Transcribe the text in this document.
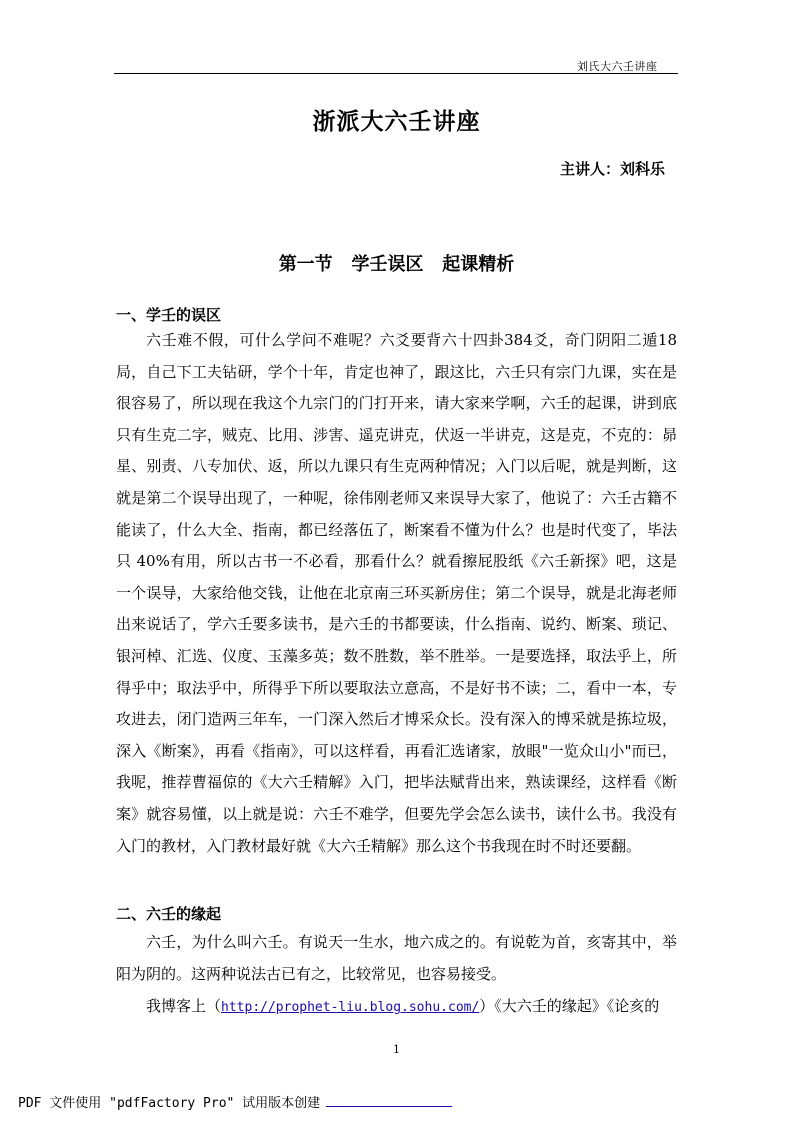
刘氏大六壬讲座
浙派大六壬讲座
主讲人：刘科乐
第一节   学壬误区   起课精析
一、学壬的误区

六壬难不假，可什么学问不难呢？六爻要背六十四卦384爻，奇门阴阳二遁18局，自己下工夫钻研，学个十年，肯定也神了，跟这比，六壬只有宗门九课，实在是很容易了，所以现在我这个九宗门的门打开来，请大家来学啊，六壬的起课，讲到底只有生克二字，贼克、比用、涉害、遥克讲克，伏返一半讲克，这是克，不克的：昴星、别责、八专加伏、返，所以九课只有生克两种情况；入门以后呢，就是判断，这就是第二个误导出现了，一种呢，徐伟刚老师又来误导大家了，他说了：六壬古籍不能读了，什么大全、指南，都已经落伍了，断案看不懂为什么？也是时代变了，毕法只 40%有用，所以古书一不必看，那看什么？就看擦屁股纸《六壬新探》吧，这是一个误导，大家给他交钱，让他在北京南三环买新房住；第二个误导，就是北海老师出来说话了，学六壬要多读书，是六壬的书都要读，什么指南、说约、断案、琐记、银河棹、汇选、仪度、玉藻多英；数不胜数，举不胜举。一是要选择，取法乎上，所得乎中；取法乎中，所得乎下所以要取法立意高，不是好书不读；二，看中一本，专攻进去，闭门造两三年车，一门深入然后才博采众长。没有深入的博采就是拣垃圾，深入《断案》，再看《指南》，可以这样看，再看汇选诸家，放眼"一览众山小"而已，我呢，推荐曹福倞的《大六壬精解》入门，把毕法赋背出来，熟读课经，这样看《断案》就容易懂，以上就是说：六壬不难学，但要先学会怎么读书，读什么书。我没有入门的教材，入门教材最好就《大六壬精解》那么这个书我现在时不时还要翻。

二、六壬的缘起

六壬，为什么叫六壬。有说天一生水，地六成之的。有说乾为首，亥寄其中，举阳为阴的。这两种说法古已有之，比较常见，也容易接受。

我博客上（http://prophet-liu.blog.sohu.com/）《大六壬的缘起》《论亥的

1
PDF 文件使用 "pdfFactory Pro" 试用版本创建
